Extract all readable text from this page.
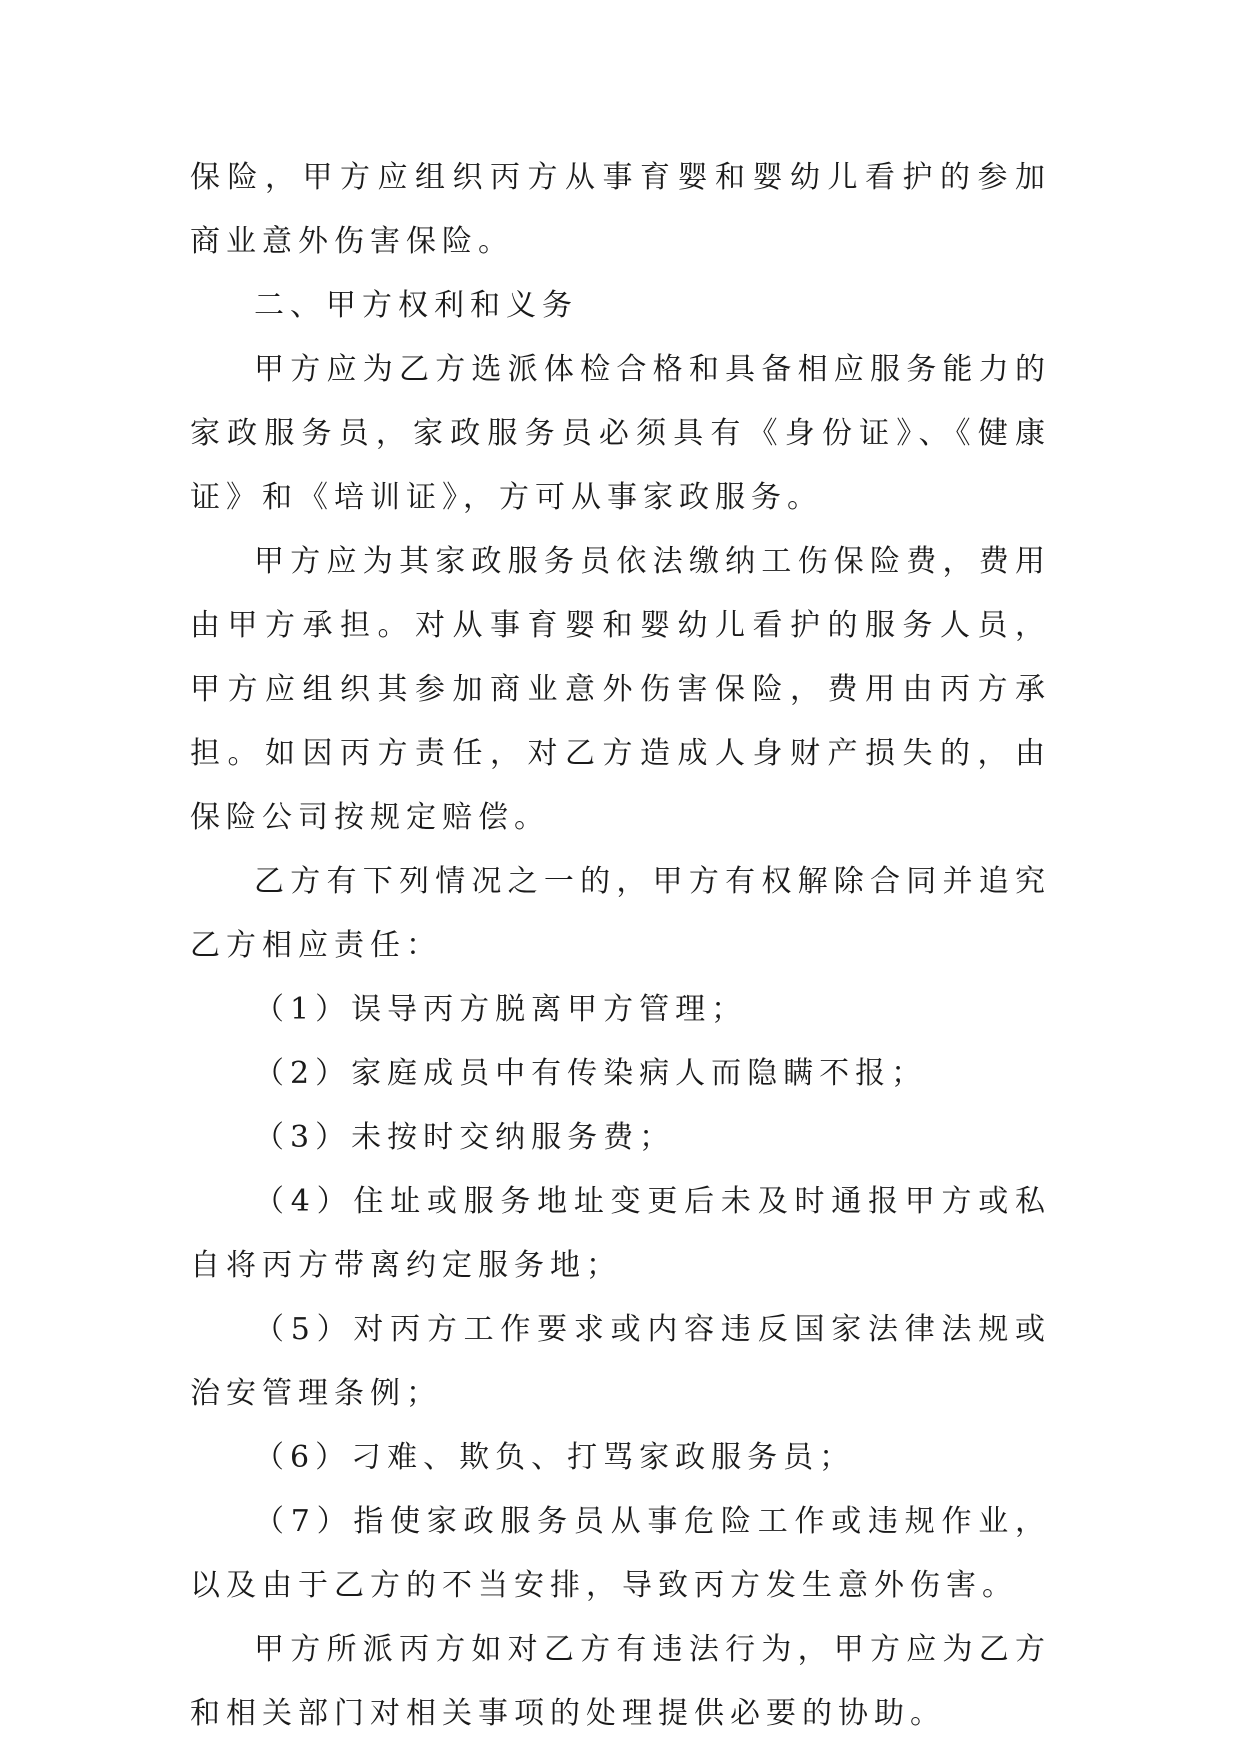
保险，甲方应组织丙方从事育婴和婴幼儿看护的参加商业意外伤害保险。

二、甲方权利和义务

甲方应为乙方选派体检合格和具备相应服务能力的家政服务员，家政服务员必须具有《身份证》、《健康证》和《培训证》，方可从事家政服务。

甲方应为其家政服务员依法缴纳工伤保险费，费用由甲方承担。对从事育婴和婴幼儿看护的服务人员，甲方应组织其参加商业意外伤害保险，费用由丙方承担。如因丙方责任，对乙方造成人身财产损失的，由保险公司按规定赔偿。

乙方有下列情况之一的，甲方有权解除合同并追究乙方相应责任：

（1）误导丙方脱离甲方管理；

（2）家庭成员中有传染病人而隐瞒不报；

（3）未按时交纳服务费；

（4）住址或服务地址变更后未及时通报甲方或私自将丙方带离约定服务地；

（5）对丙方工作要求或内容违反国家法律法规或治安管理条例；

（6）刁难、欺负、打骂家政服务员；

（7）指使家政服务员从事危险工作或违规作业，以及由于乙方的不当安排，导致丙方发生意外伤害。

甲方所派丙方如对乙方有违法行为，甲方应为乙方和相关部门对相关事项的处理提供必要的协助。
